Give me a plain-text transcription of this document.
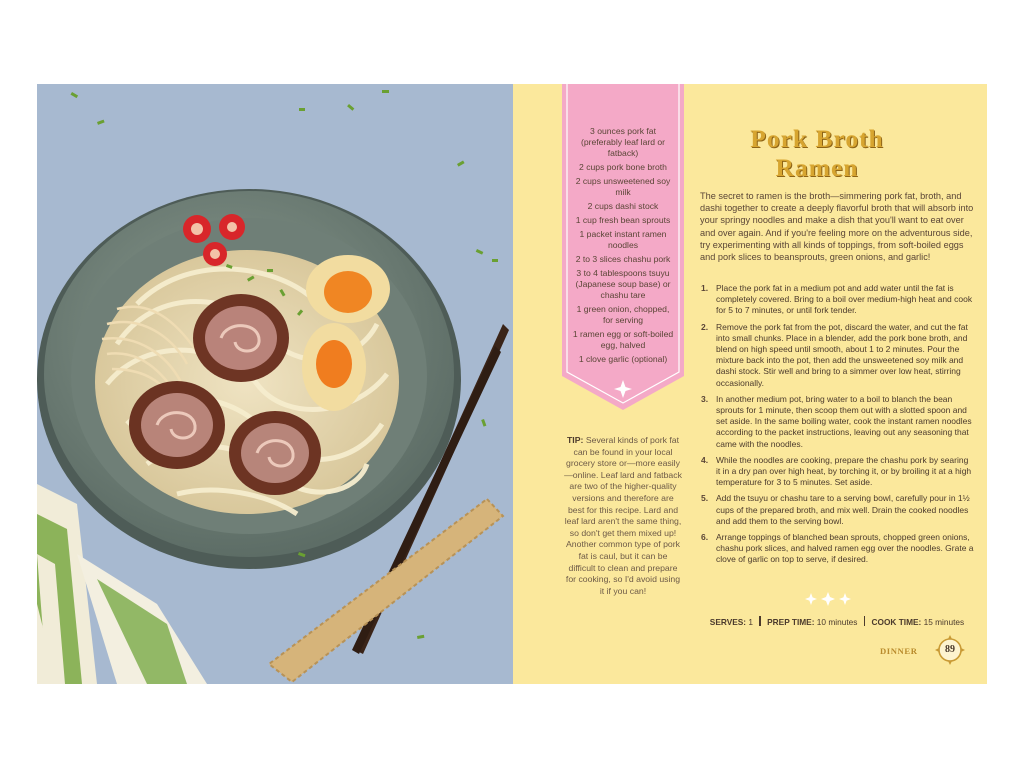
3 ounces pork fat (preferably leaf lard or fatback)
2 cups pork bone broth
2 cups unsweetened soy milk
2 cups dashi stock
1 cup fresh bean sprouts
1 packet instant ramen noodles
2 to 3 slices chashu pork
3 to 4 tablespoons tsuyu (Japanese soup base) or chashu tare
1 green onion, chopped, for serving
1 ramen egg or soft-boiled egg, halved
1 clove garlic (optional)
TIP: Several kinds of pork fat can be found in your local grocery store or—more easily—online. Leaf lard and fatback are two of the higher-quality versions and therefore are best for this recipe. Lard and leaf lard aren't the same thing, so don't get them mixed up! Another common type of pork fat is caul, but it can be difficult to clean and prepare for cooking, so I'd avoid using it if you can!
Pork Broth Ramen

The secret to ramen is the broth—simmering pork fat, broth, and dashi together to create a deeply flavorful broth that will absorb into your springy noodles and make a dish that you'll want to eat over and over again. And if you're feeling more on the adventurous side, try experimenting with all kinds of toppings, from soft-boiled eggs and pork slices to beansprouts, green onions, and garlic!

1. Place the pork fat in a medium pot and add water until the fat is completely covered. Bring to a boil over medium-high heat and cook for 5 to 7 minutes, or until fork tender.
2. Remove the pork fat from the pot, discard the water, and cut the fat into small chunks. Place in a blender, add the pork bone broth, and blend on high speed until smooth, about 1 to 2 minutes. Pour the mixture back into the pot, then add the unsweetened soy milk and dashi stock. Stir well and bring to a simmer over low heat, stirring occasionally.
3. In another medium pot, bring water to a boil to blanch the bean sprouts for 1 minute, then scoop them out with a slotted spoon and set aside. In the same boiling water, cook the instant ramen noodles according to the packet instructions, leaving out any seasoning that came with the noodles.
4. While the noodles are cooking, prepare the chashu pork by searing it in a dry pan over high heat, by torching it, or by broiling it at a high temperature for 3 to 5 minutes. Set aside.
5. Add the tsuyu or chashu tare to a serving bowl, carefully pour in 1½ cups of the prepared broth, and mix well. Drain the cooked noodles and add them to the serving bowl.
6. Arrange toppings of blanched bean sprouts, chopped green onions, chashu pork slices, and halved ramen egg over the noodles. Grate a clove of garlic on top to serve, if desired.
SERVES: 1 PREP TIME: 10 minutes COOK TIME: 15 minutes
DINNER	89
